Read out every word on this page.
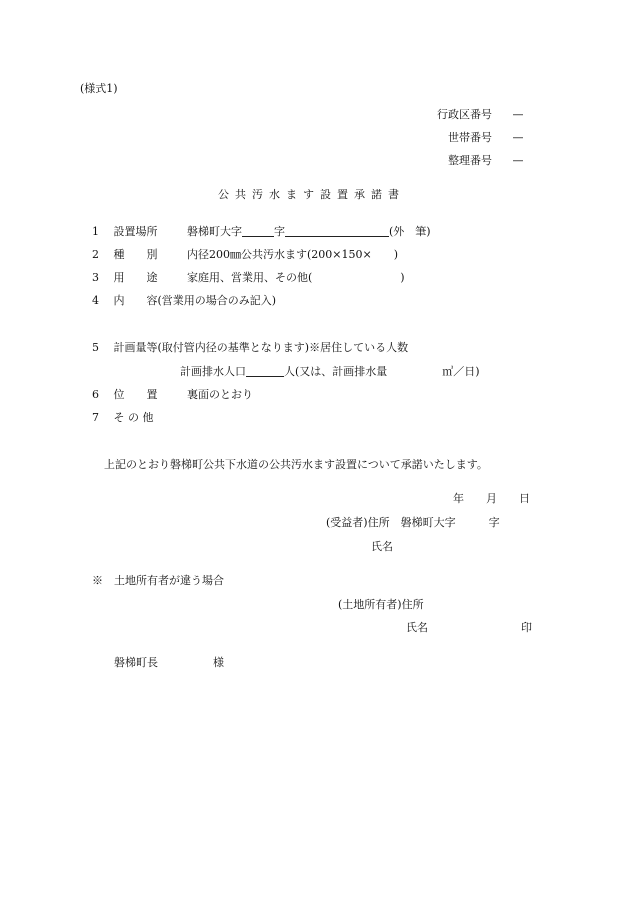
(様式1)
行政区番号 —
世帯番号 —
整理番号 —
公共汚水ます設置承諾書
1 設置場所	磐梯町大字	字	(外　筆)
2 種　　別	内径200㎜公共汚水ます(200×150×　　)
3 用　　途	家庭用、営業用、その他(　　　　　　　　)
4 内　　容(営業用の場合のみ記入)
5 計画量等(取付管内径の基準となります)※居住している人数
計画排水人口	人(又は、計画排水量　　　　　㎥／日)
6 位　　置	裏面のとおり
7 そ の 他
上記のとおり磐梯町公共下水道の公共汚水ます設置について承諾いたします。
年　　月　　日
(受益者)住所　磐梯町大字　　　字
氏名
※　土地所有者が違う場合
(土地所有者)住所
氏名	印
磐梯町長　　　　　様
